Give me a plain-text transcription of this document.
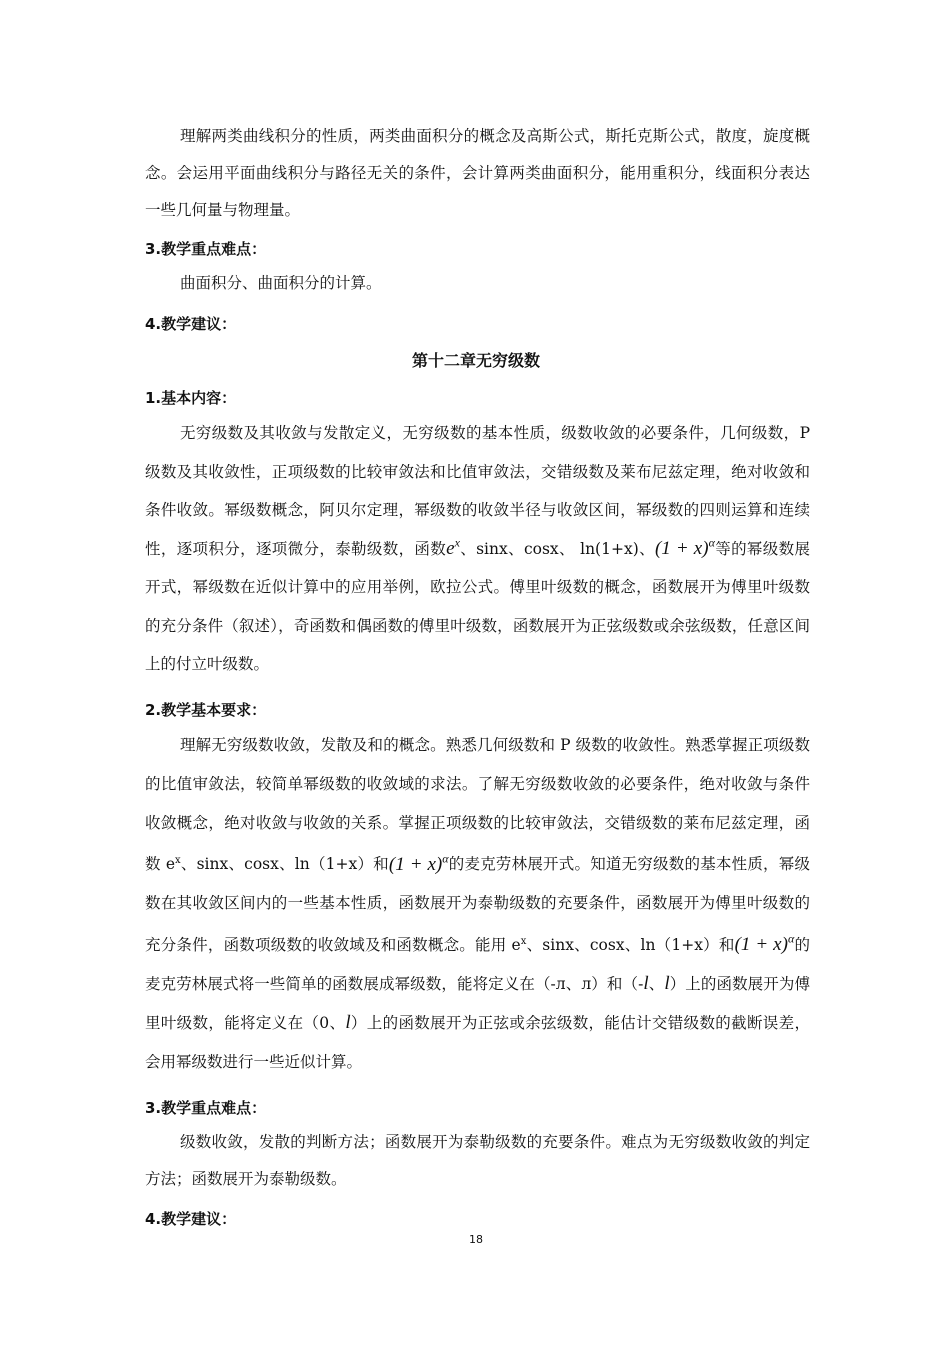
理解两类曲线积分的性质，两类曲面积分的概念及高斯公式，斯托克斯公式，散度，旋度概念。会运用平面曲线积分与路径无关的条件，会计算两类曲面积分，能用重积分，线面积分表达一些几何量与物理量。

3.教学重点难点：

曲面积分、曲面积分的计算。

4.教学建议：
第十二章无穷级数
1.基本内容：

无穷级数及其收敛与发散定义，无穷级数的基本性质，级数收敛的必要条件，几何级数，P 级数及其收敛性，正项级数的比较审敛法和比值审敛法，交错级数及莱布尼兹定理，绝对收敛和条件收敛。幂级数概念，阿贝尔定理，幂级数的收敛半径与收敛区间，幂级数的四则运算和连续性，逐项积分，逐项微分，泰勒级数，函数$e^x$、sinx、cosx、 ln(1+x)、$(1 + x)^\alpha$等的幂级数展开式，幂级数在近似计算中的应用举例，欧拉公式。傅里叶级数的概念，函数展开为傅里叶级数的充分条件（叙述），奇函数和偶函数的傅里叶级数，函数展开为正弦级数或余弦级数，任意区间上的付立叶级数。

2.教学基本要求：

理解无穷级数收敛，发散及和的概念。熟悉几何级数和 P 级数的收敛性。熟悉掌握正项级数的比值审敛法，较简单幂级数的收敛域的求法。了解无穷级数收敛的必要条件，绝对收敛与条件收敛概念，绝对收敛与收敛的关系。掌握正项级数的比较审敛法，交错级数的莱布尼兹定理，函数 $e^x$、sinx、cosx、ln（1+x）和$(1 + x)^\alpha$的麦克劳林展开式。知道无穷级数的基本性质，幂级数在其收敛区间内的一些基本性质，函数展开为泰勒级数的充要条件，函数展开为傅里叶级数的充分条件，函数项级数的收敛域及和函数概念。能用 $e^x$、sinx、cosx、ln（1+x）和$(1 + x)^\alpha$的麦克劳林展式将一些简单的函数展成幂级数，能将定义在（-л、л）和（-l、l）上的函数展开为傅里叶级数，能将定义在（0、l）上的函数展开为正弦或余弦级数，能估计交错级数的截断误差，会用幂级数进行一些近似计算。

3.教学重点难点：

级数收敛，发散的判断方法；函数展开为泰勒级数的充要条件。难点为无穷级数收敛的判定方法；函数展开为泰勒级数。

4.教学建议：
18
